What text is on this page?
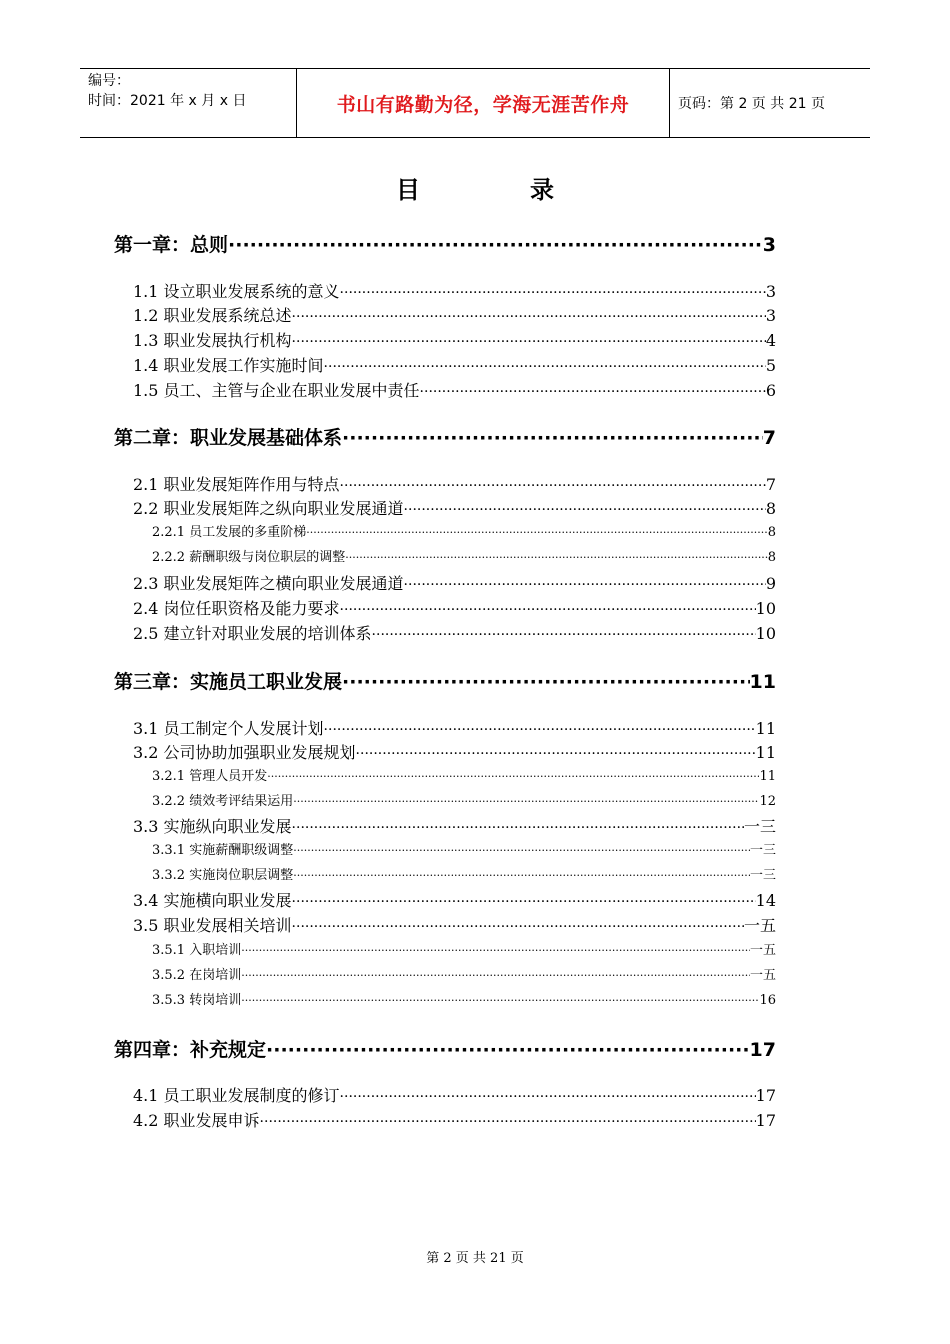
编号：
时间：2021 年 x 月 x 日	书山有路勤为径，学海无涯苦作舟	页码：第 2 页 共 21 页
目	录
第一章：总则 ·····	3
1.1 设立职业发展系统的意义 ·····	3
1.2 职业发展系统总述 ·····	3
1.3 职业发展执行机构 ·····	4
1.4 职业发展工作实施时间 ·····	5
1.5 员工、主管与企业在职业发展中责任 ·····	6
第二章：职业发展基础体系 ·····	7
2.1 职业发展矩阵作用与特点 ·····	7
2.2 职业发展矩阵之纵向职业发展通道 ·····	8
2.2.1 员工发展的多重阶梯 ·····	8
2.2.2 薪酬职级与岗位职层的调整 ·····	8
2.3 职业发展矩阵之横向职业发展通道 ·····	9
2.4 岗位任职资格及能力要求 ·····	10
2.5 建立针对职业发展的培训体系 ·····	10
第三章：实施员工职业发展 ·····	11
3.1 员工制定个人发展计划 ·····	11
3.2 公司协助加强职业发展规划 ·····	11
3.2.1 管理人员开发 ·····	11
3.2.2 绩效考评结果运用 ·····	12
3.3 实施纵向职业发展 ·····	一三
3.3.1 实施薪酬职级调整 ·····	一三
3.3.2 实施岗位职层调整 ·····	一三
3.4 实施横向职业发展 ·····	14
3.5 职业发展相关培训 ·····	一五
3.5.1 入职培训 ·····	一五
3.5.2 在岗培训 ·····	一五
3.5.3 转岗培训 ·····	16
第四章：补充规定 ·····	17
4.1 员工职业发展制度的修订 ·····	17
4.2 职业发展申诉 ·····	17
第 2 页 共 21 页
